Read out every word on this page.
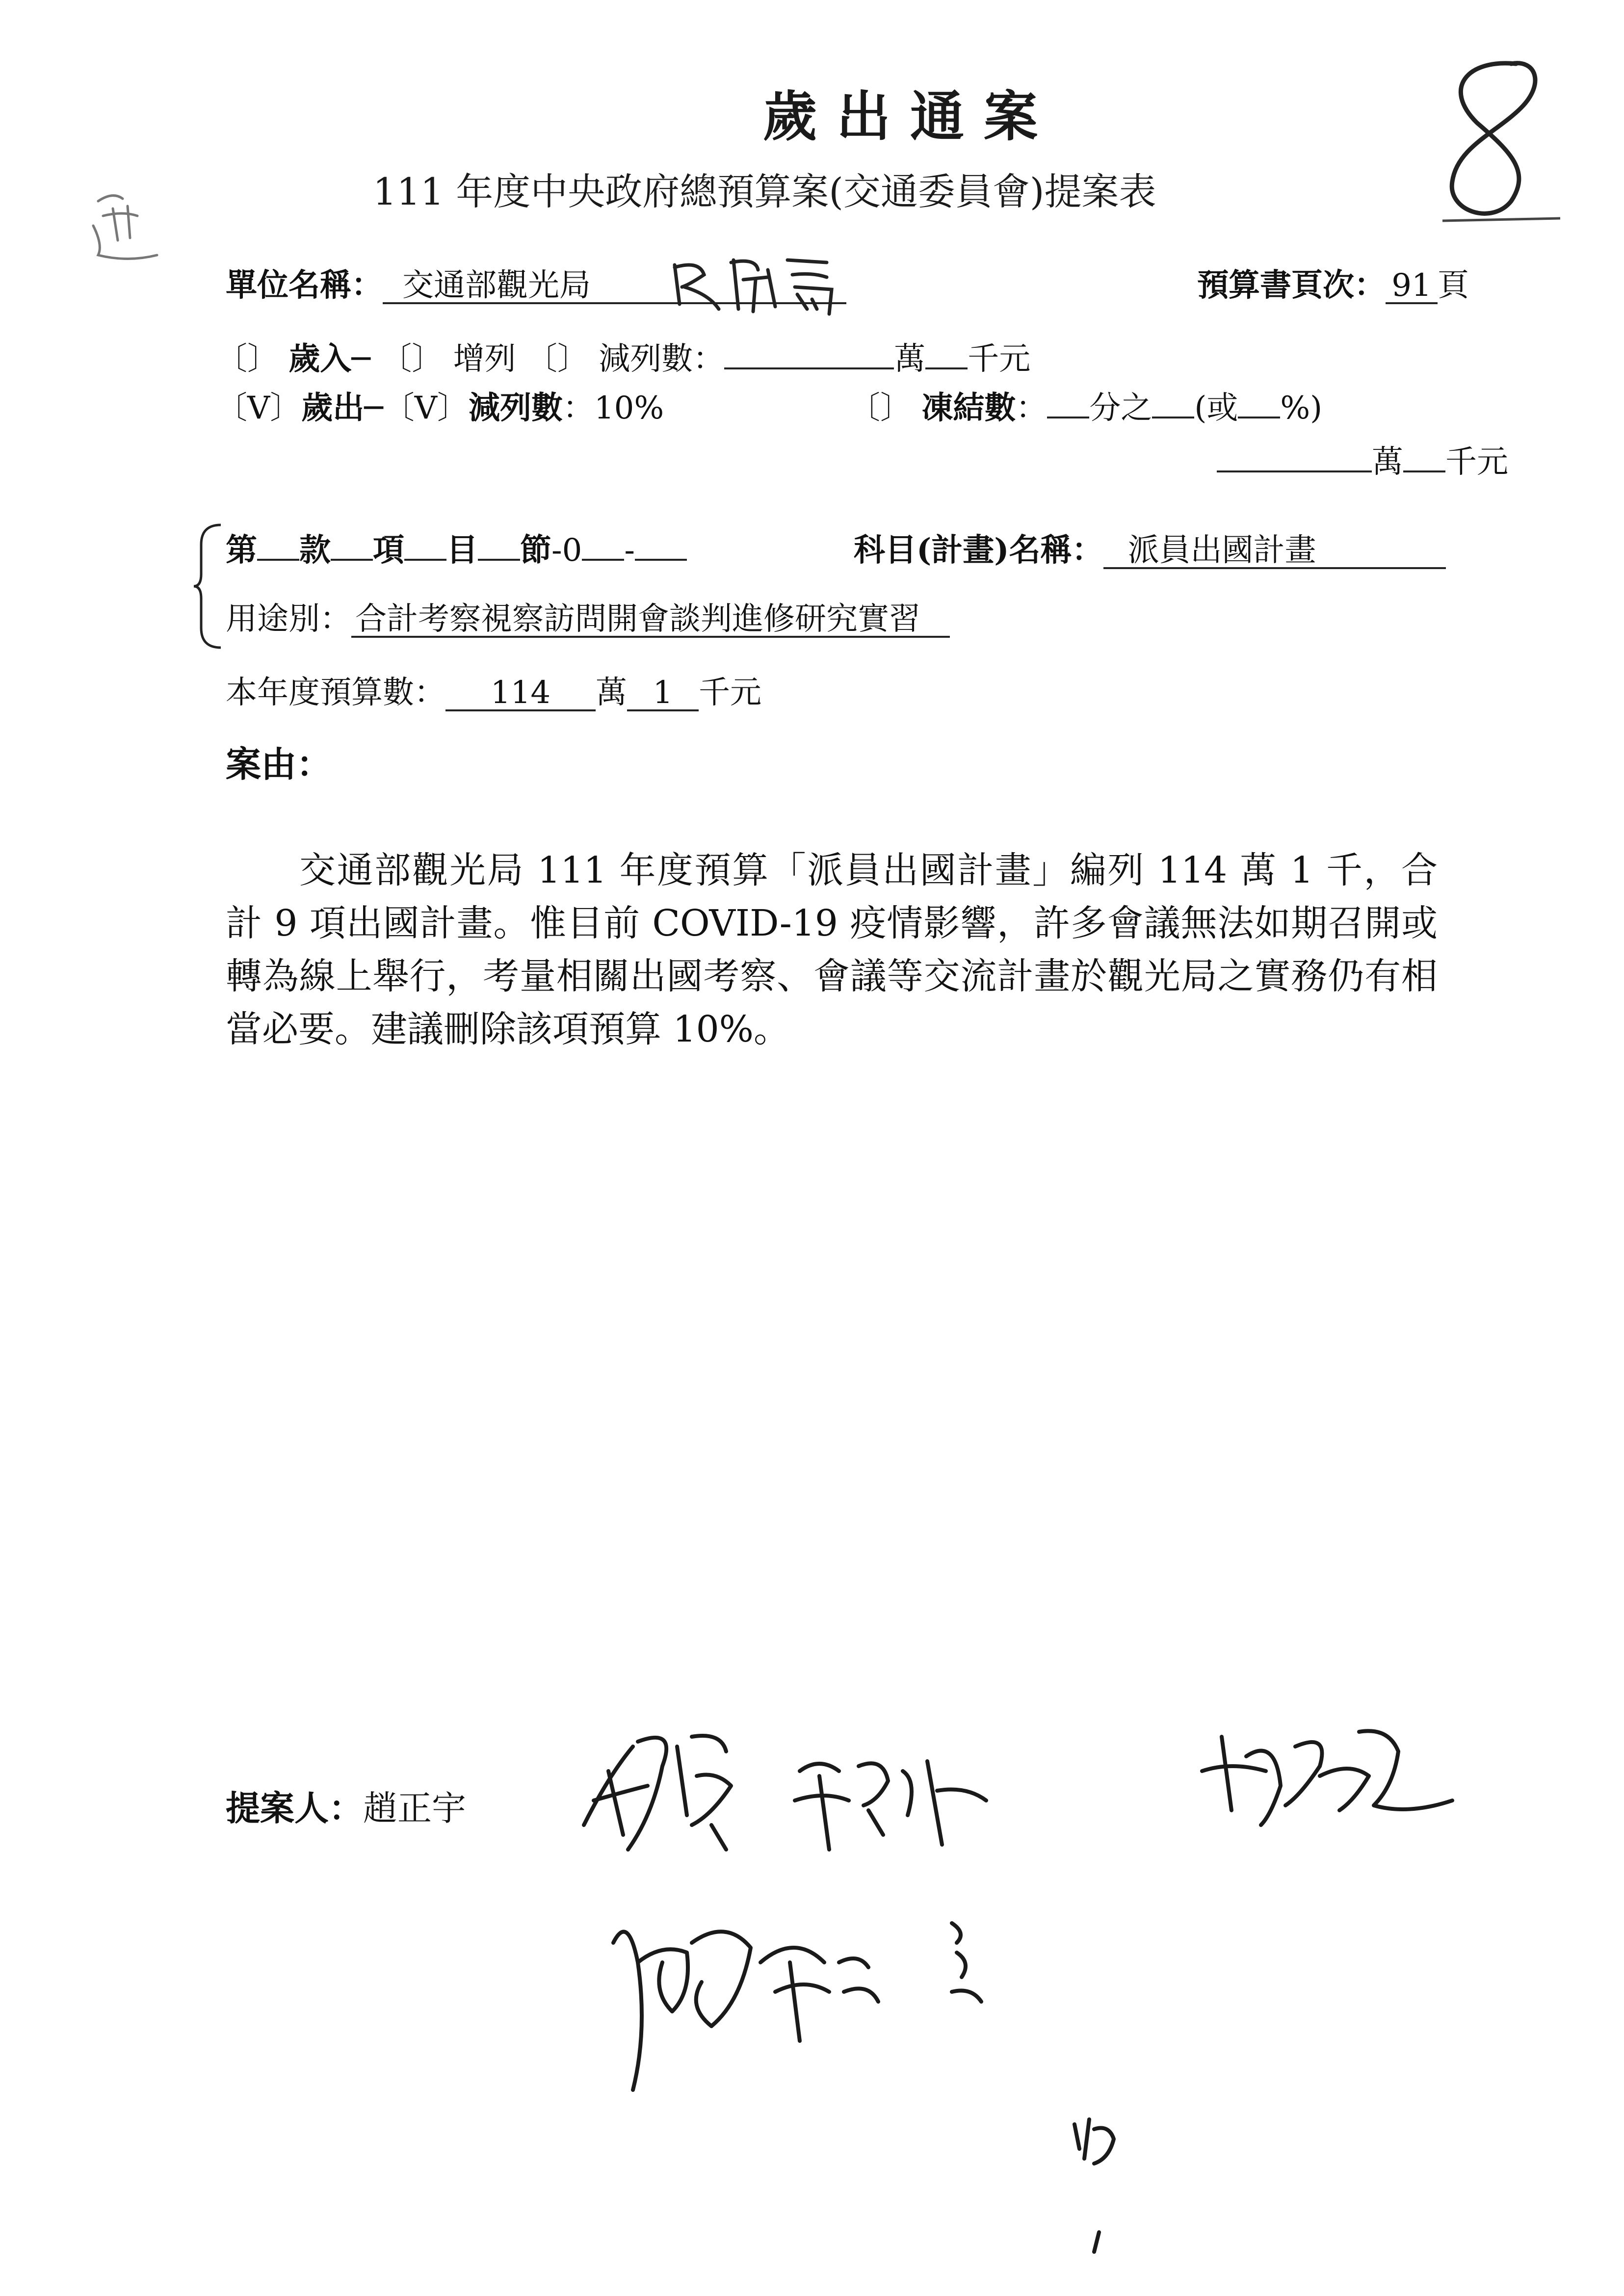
歲出通案
111 年度中央政府總預算案(交通委員會)提案表
單位名稱： 交通部觀光局	預算書頁次： 91 頁
〔〕 歲入─ 〔〕 增列 〔〕 減列數：	萬 千元
〔V〕歲出─〔V〕減列數：10%	〔〕 凍結數： 分之 (或 %)
萬 千元
第 款 項 目 節-0 -	科目(計畫)名稱： 派員出國計畫
用途別： 合計考察視察訪問開會談判進修研究實習
本年度預算數： 114 萬 1 千元
案由：
交通部觀光局 111 年度預算「派員出國計畫」編列 114 萬 1 千，合計 9 項出國計畫。惟目前 COVID-19 疫情影響，許多會議無法如期召開或轉為線上舉行，考量相關出國考察、會議等交流計畫於觀光局之實務仍有相當必要。建議刪除該項預算 10%。
提案人：趙正宇
